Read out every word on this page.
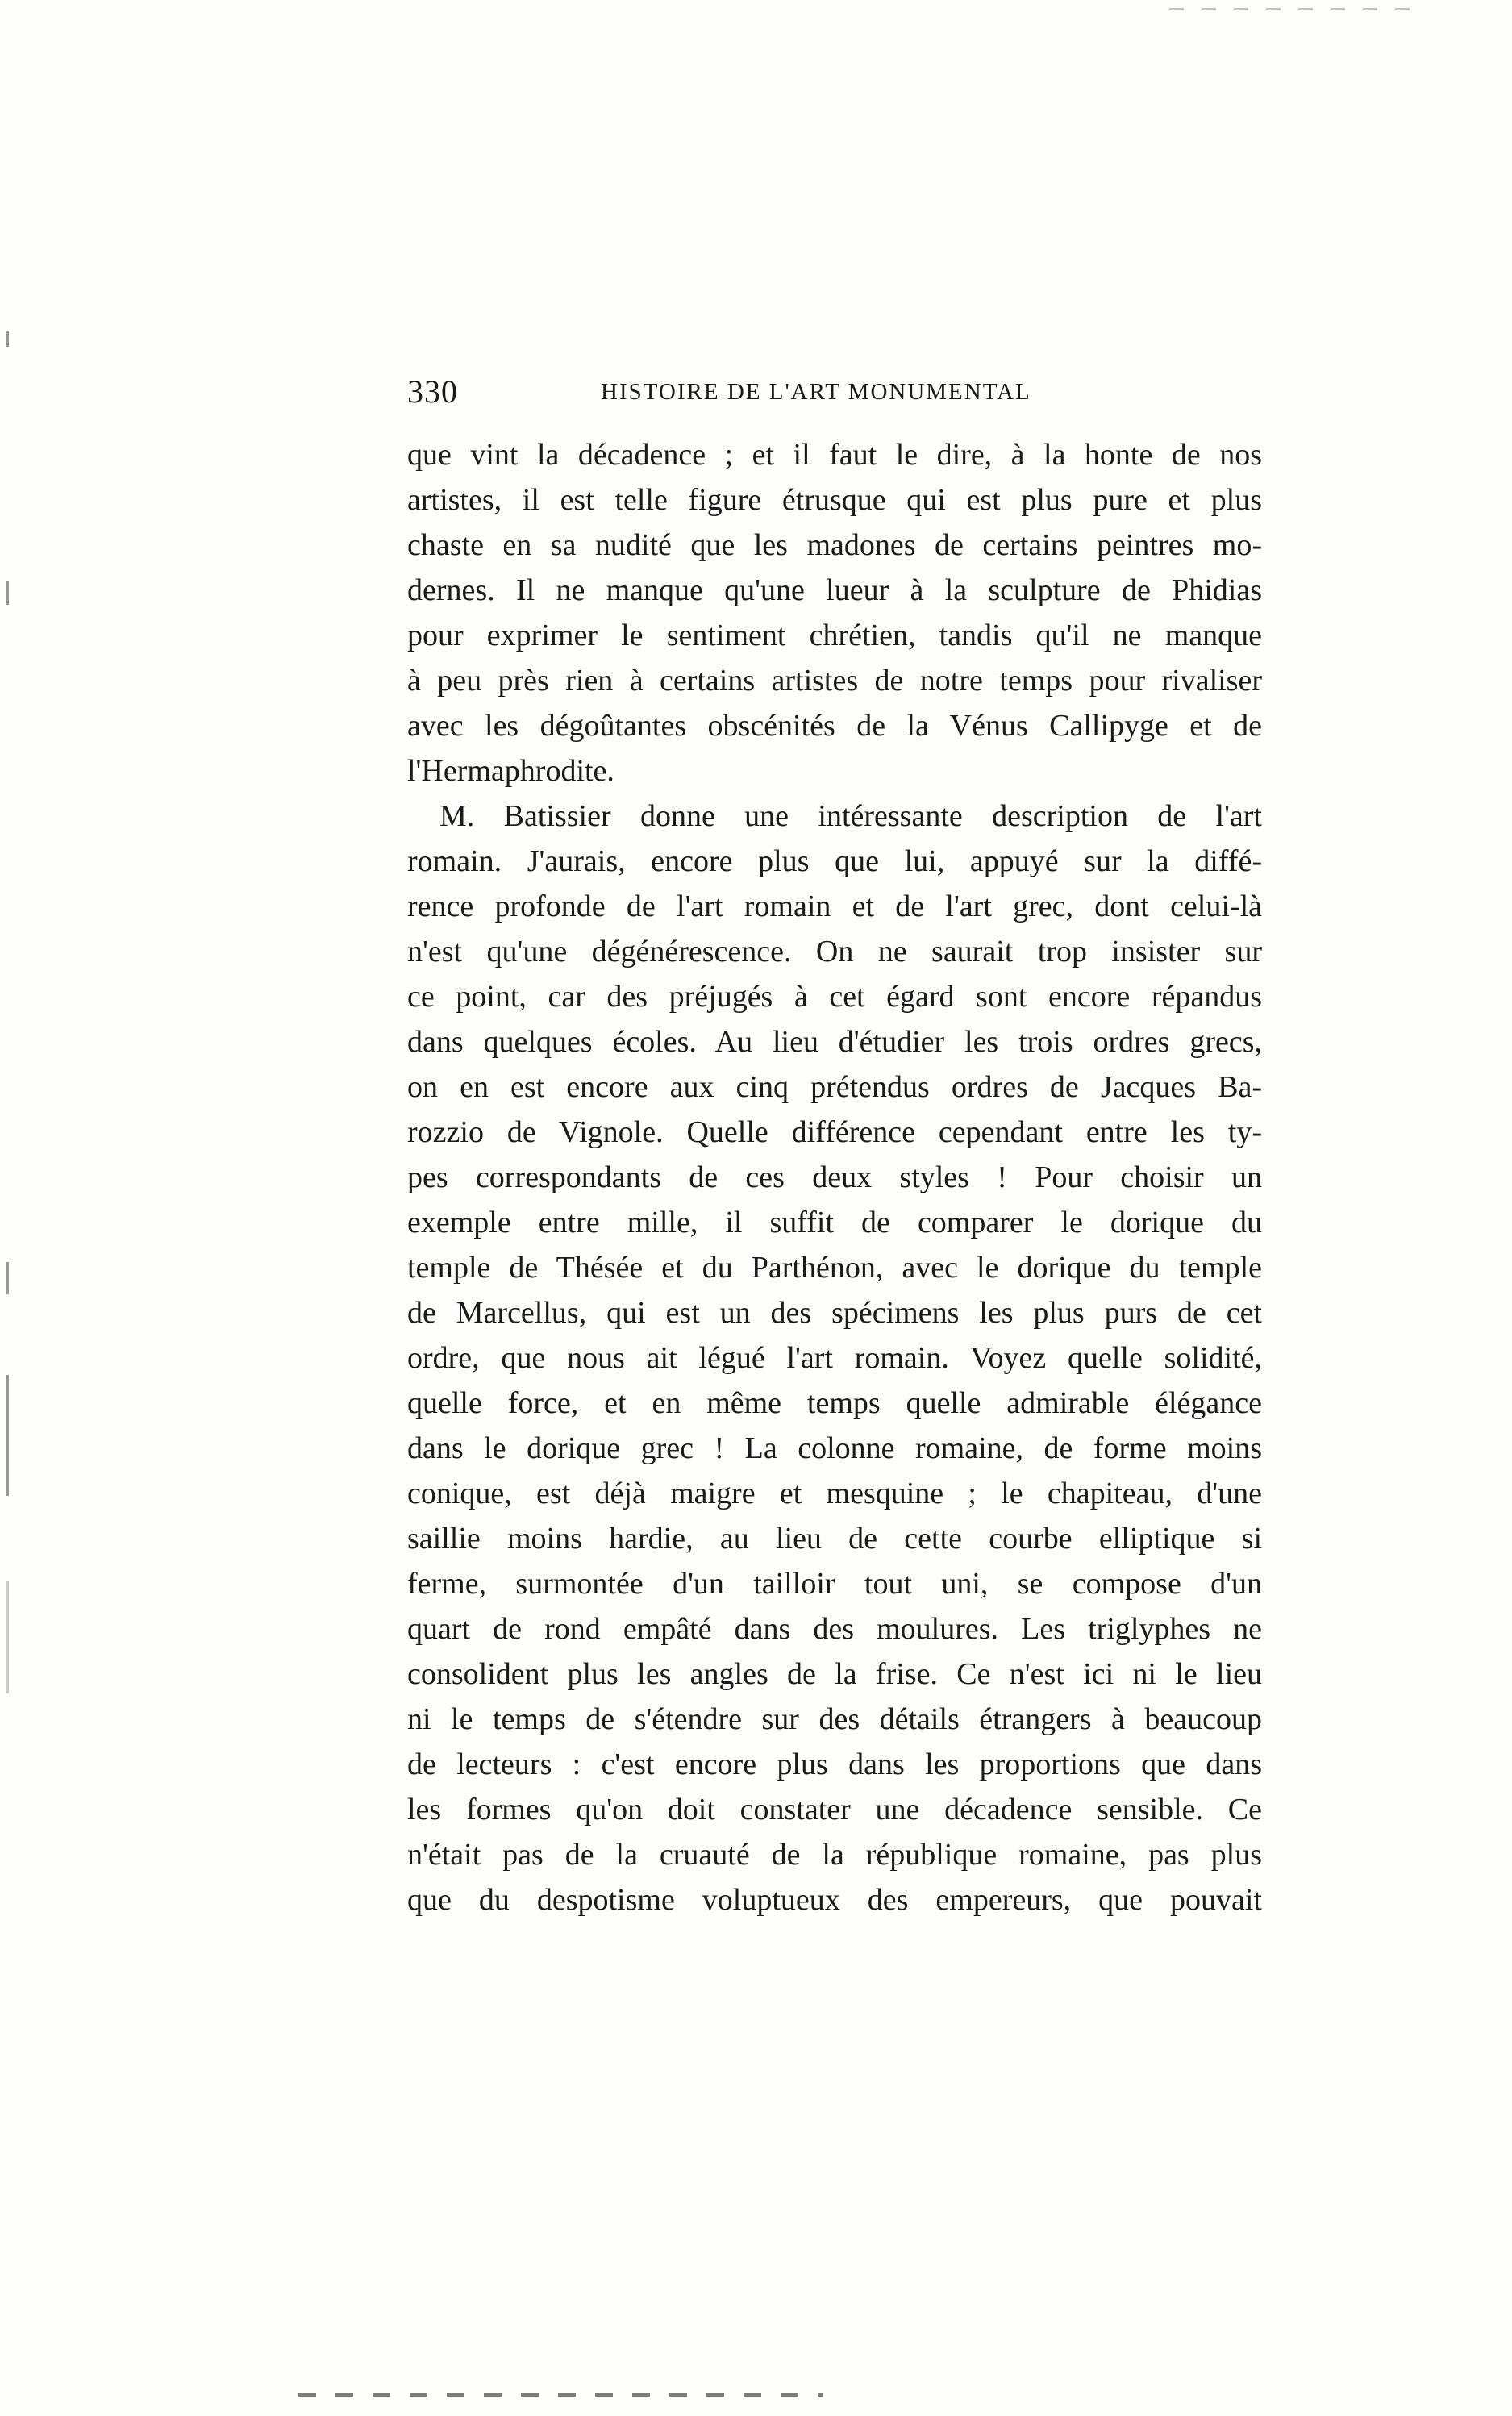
330	HISTOIRE DE L'ART MONUMENTAL
que vint la décadence ; et il faut le dire, à la honte de nos
artistes, il est telle figure étrusque qui est plus pure et plus
chaste en sa nudité que les madones de certains peintres mo-
dernes. Il ne manque qu'une lueur à la sculpture de Phidias
pour exprimer le sentiment chrétien, tandis qu'il ne manque
à peu près rien à certains artistes de notre temps pour rivaliser
avec les dégoûtantes obscénités de la Vénus Callipyge et de
l'Hermaphrodite.
M. Batissier donne une intéressante description de l'art
romain. J'aurais, encore plus que lui, appuyé sur la diffé-
rence profonde de l'art romain et de l'art grec, dont celui-là
n'est qu'une dégénérescence. On ne saurait trop insister sur
ce point, car des préjugés à cet égard sont encore répandus
dans quelques écoles. Au lieu d'étudier les trois ordres grecs,
on en est encore aux cinq prétendus ordres de Jacques Ba-
rozzio de Vignole. Quelle différence cependant entre les ty-
pes correspondants de ces deux styles ! Pour choisir un
exemple entre mille, il suffit de comparer le dorique du
temple de Thésée et du Parthénon, avec le dorique du temple
de Marcellus, qui est un des spécimens les plus purs de cet
ordre, que nous ait légué l'art romain. Voyez quelle solidité,
quelle force, et en même temps quelle admirable élégance
dans le dorique grec ! La colonne romaine, de forme moins
conique, est déjà maigre et mesquine ; le chapiteau, d'une
saillie moins hardie, au lieu de cette courbe elliptique si
ferme, surmontée d'un tailloir tout uni, se compose d'un
quart de rond empâté dans des moulures. Les triglyphes ne
consolident plus les angles de la frise. Ce n'est ici ni le lieu
ni le temps de s'étendre sur des détails étrangers à beaucoup
de lecteurs : c'est encore plus dans les proportions que dans
les formes qu'on doit constater une décadence sensible. Ce
n'était pas de la cruauté de la république romaine, pas plus
que du despotisme voluptueux des empereurs, que pouvait
